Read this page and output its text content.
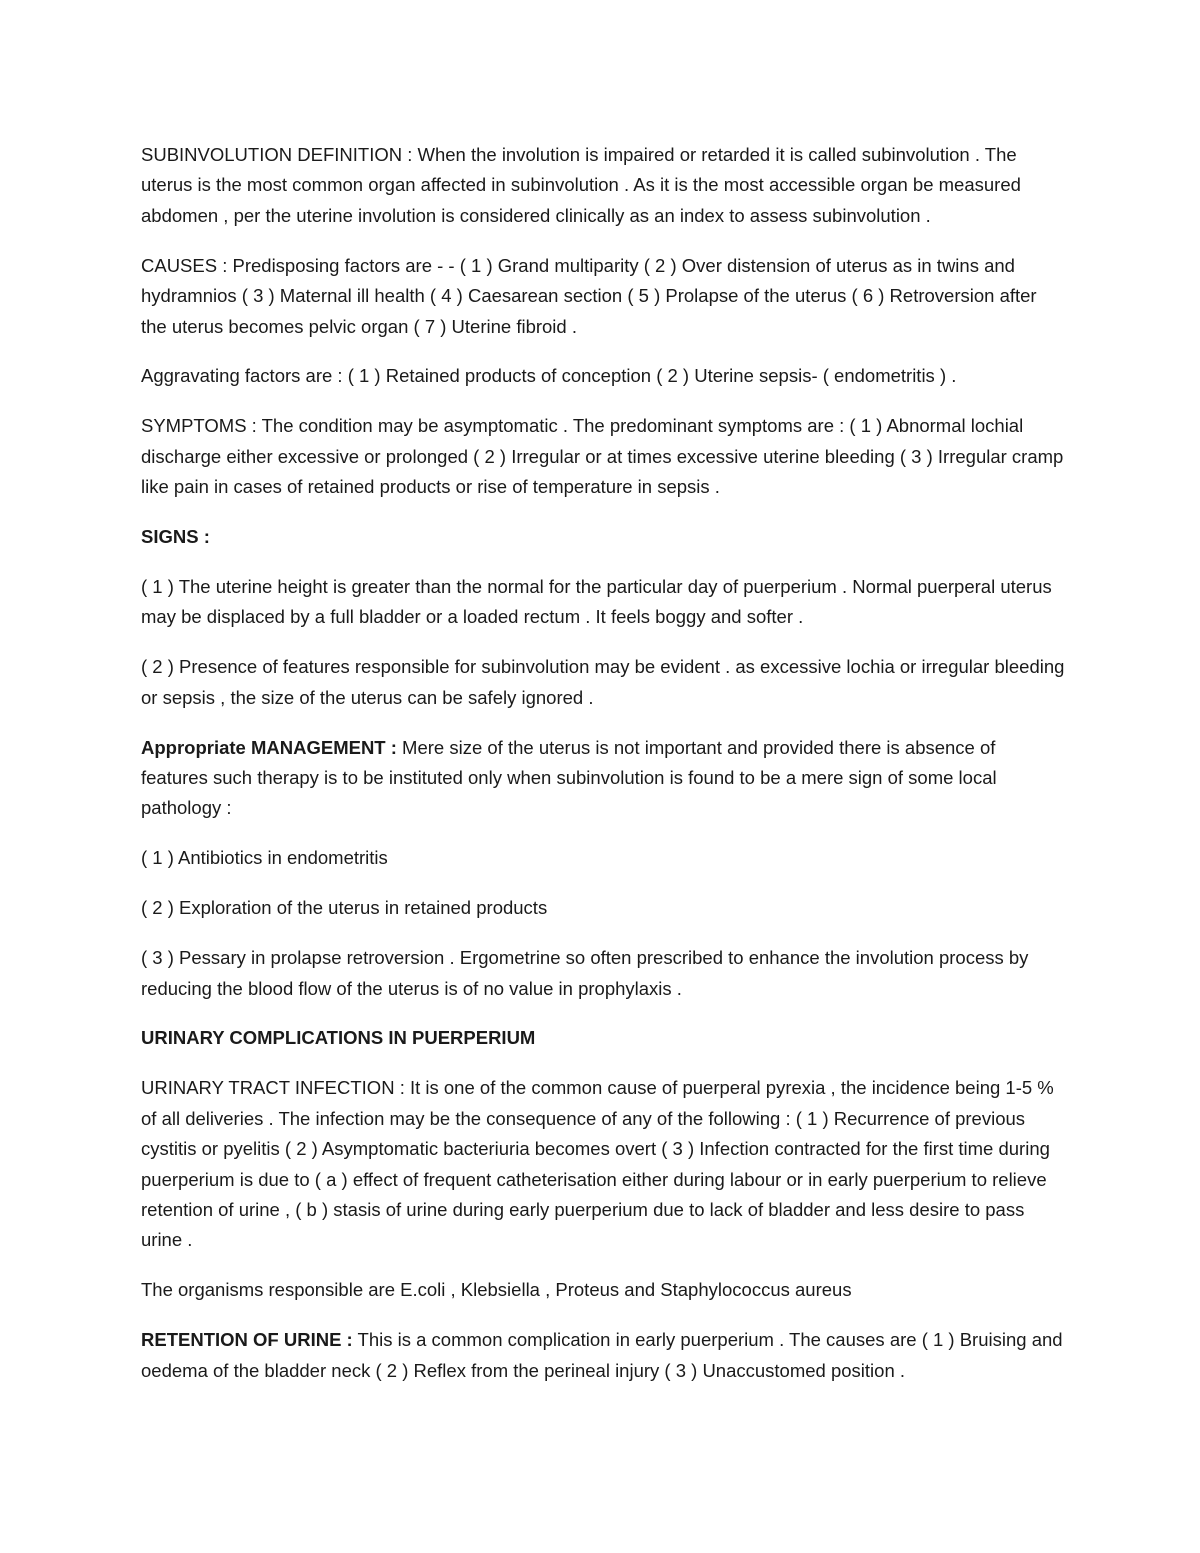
SUBINVOLUTION DEFINITION : When the involution is impaired or retarded it is called subinvolution . The uterus is the most common organ affected in subinvolution . As it is the most accessible organ be measured abdomen , per the uterine involution is considered clinically as an index to assess subinvolution .

CAUSES : Predisposing factors are - - ( 1 ) Grand multiparity ( 2 ) Over distension of uterus as in twins and hydramnios ( 3 ) Maternal ill health ( 4 ) Caesarean section ( 5 ) Prolapse of the uterus ( 6 ) Retroversion after the uterus becomes pelvic organ ( 7 ) Uterine fibroid .

Aggravating factors are : ( 1 ) Retained products of conception ( 2 ) Uterine sepsis- ( endometritis ) .

SYMPTOMS : The condition may be asymptomatic . The predominant symptoms are : ( 1 ) Abnormal lochial discharge either excessive or prolonged ( 2 ) Irregular or at times excessive uterine bleeding ( 3 ) Irregular cramp like pain in cases of retained products or rise of temperature in sepsis .

SIGNS :

( 1 ) The uterine height is greater than the normal for the particular day of puerperium . Normal puerperal uterus may be displaced by a full bladder or a loaded rectum . It feels boggy and softer .

( 2 ) Presence of features responsible for subinvolution may be evident . as excessive lochia or irregular bleeding or sepsis , the size of the uterus can be safely ignored .

Appropriate MANAGEMENT : Mere size of the uterus is not important and provided there is absence of features such therapy is to be instituted only when subinvolution is found to be a mere sign of some local pathology :

( 1 ) Antibiotics in endometritis

( 2 ) Exploration of the uterus in retained products

( 3 ) Pessary in prolapse retroversion . Ergometrine so often prescribed to enhance the involution process by reducing the blood flow of the uterus is of no value in prophylaxis .

URINARY COMPLICATIONS IN PUERPERIUM

URINARY TRACT INFECTION : It is one of the common cause of puerperal pyrexia , the incidence being 1-5 % of all deliveries . The infection may be the consequence of any of the following : ( 1 ) Recurrence of previous cystitis or pyelitis ( 2 ) Asymptomatic bacteriuria becomes overt ( 3 ) Infection contracted for the first time during puerperium is due to ( a ) effect of frequent catheterisation either during labour or in early puerperium to relieve retention of urine , ( b ) stasis of urine during early puerperium due to lack of bladder and less desire to pass urine .

The organisms responsible are E.coli , Klebsiella , Proteus and Staphylococcus aureus

RETENTION OF URINE : This is a common complication in early puerperium . The causes are ( 1 ) Bruising and oedema of the bladder neck ( 2 ) Reflex from the perineal injury ( 3 ) Unaccustomed position .
